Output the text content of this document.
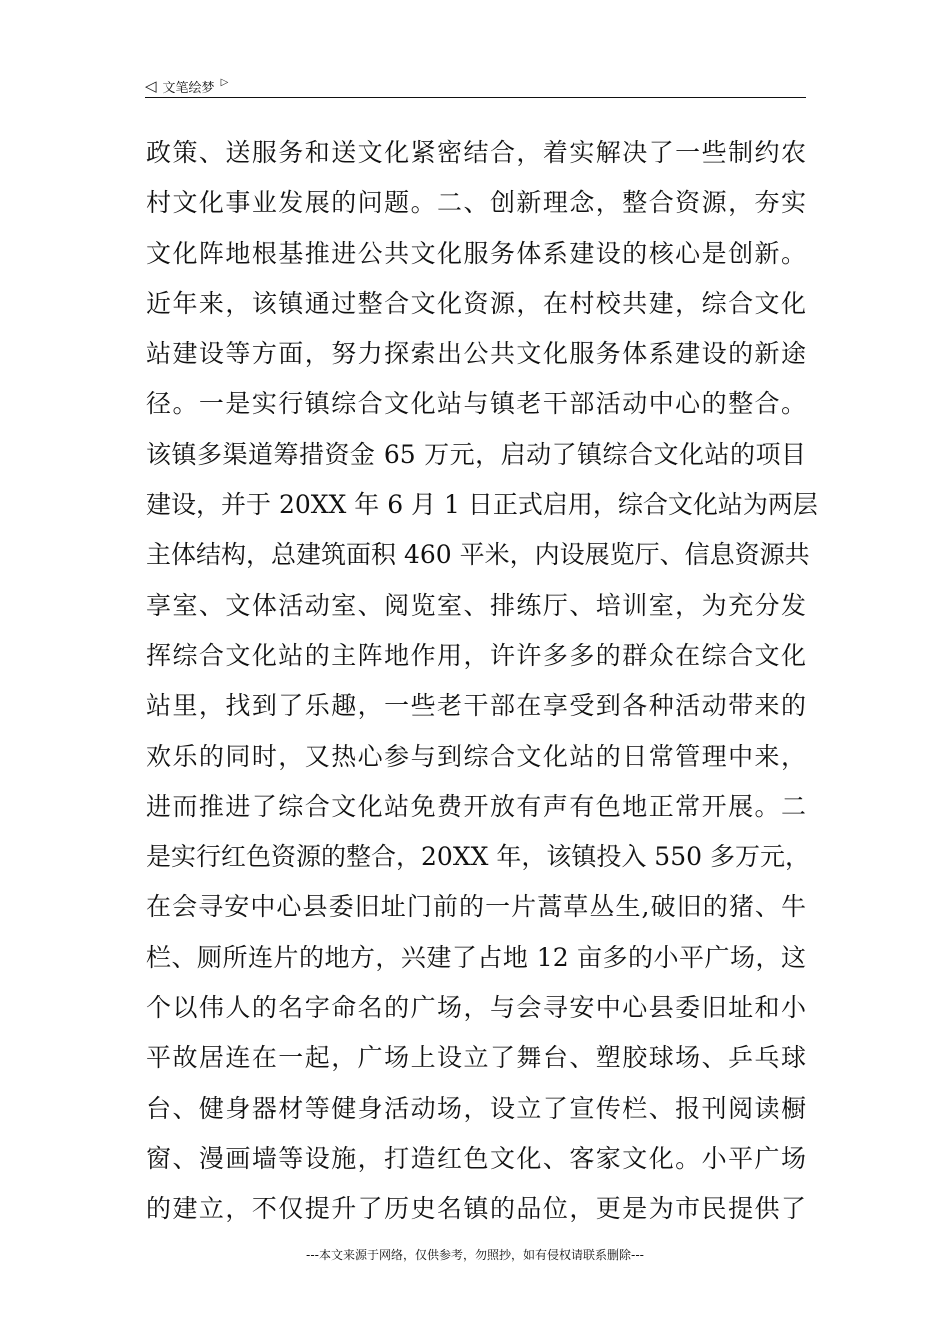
◁ 文笔绘梦 ▷
政策、送服务和送文化紧密结合，着实解决了一些制约农
村文化事业发展的问题。二、创新理念，整合资源，夯实
文化阵地根基推进公共文化服务体系建设的核心是创新。
近年来，该镇通过整合文化资源，在村校共建，综合文化
站建设等方面，努力探索出公共文化服务体系建设的新途
径。一是实行镇综合文化站与镇老干部活动中心的整合。
该镇多渠道筹措资金 65 万元，启动了镇综合文化站的项目
建设，并于 20XX 年 6 月 1 日正式启用，综合文化站为两层
主体结构，总建筑面积 460 平米，内设展览厅、信息资源共
享室、文体活动室、阅览室、排练厅、培训室，为充分发
挥综合文化站的主阵地作用，许许多多的群众在综合文化
站里，找到了乐趣，一些老干部在享受到各种活动带来的
欢乐的同时，又热心参与到综合文化站的日常管理中来，
进而推进了综合文化站免费开放有声有色地正常开展。二
是实行红色资源的整合，20XX 年，该镇投入 550 多万元，
在会寻安中心县委旧址门前的一片蒿草丛生,破旧的猪、牛
栏、厕所连片的地方，兴建了占地 12 亩多的小平广场，这
个以伟人的名字命名的广场，与会寻安中心县委旧址和小
平故居连在一起，广场上设立了舞台、塑胶球场、乒乓球
台、健身器材等健身活动场，设立了宣传栏、报刊阅读橱
窗、漫画墙等设施，打造红色文化、客家文化。小平广场
的建立，不仅提升了历史名镇的品位，更是为市民提供了
---本文来源于网络，仅供参考，勿照抄，如有侵权请联系删除---
